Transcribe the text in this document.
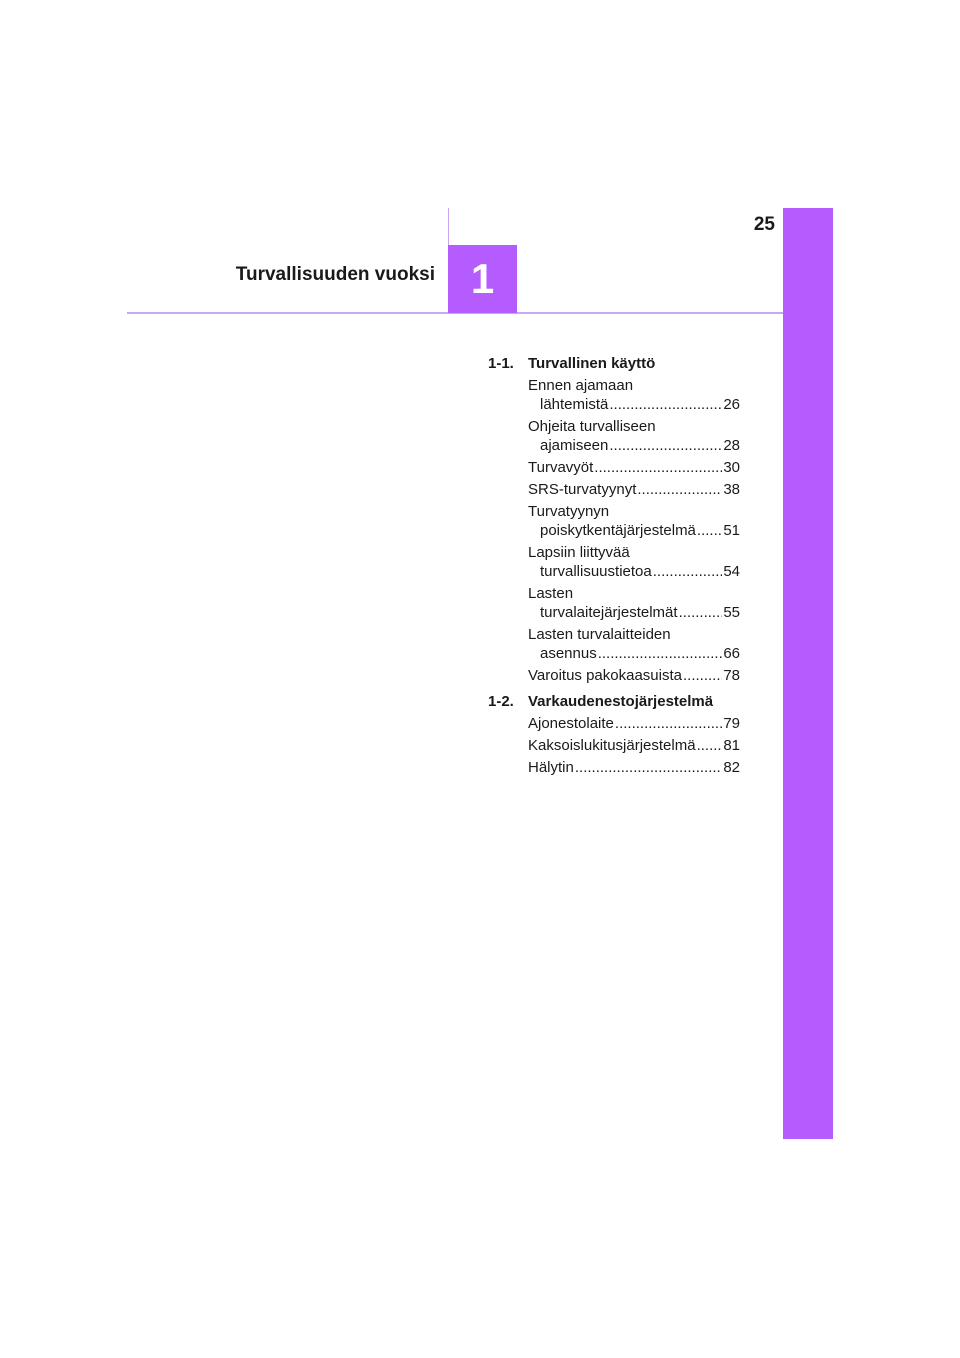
25
Turvallisuuden vuoksi 1
1-1. Turvallinen käyttö
Ennen ajamaan
lähtemistä .....	26
Ohjeita turvalliseen
ajamiseen .....	28
Turvavyöt .....	30
SRS-turvatyynyt .....	38
Turvatyynyn
poiskytkentäjärjestelmä ..... 51
Lapsiin liittyvää
turvallisuustietoa .....	54
Lasten
turvalaitejärjestelmät .....	55
Lasten turvalaitteiden
asennus .....	66
Varoitus pakokaasuista .....	78
1-2. Varkaudenestojärjestelmä
Ajonestolaite .....	79
Kaksoislukitusjärjestelmä ..... 81
Hälytin .....	82
